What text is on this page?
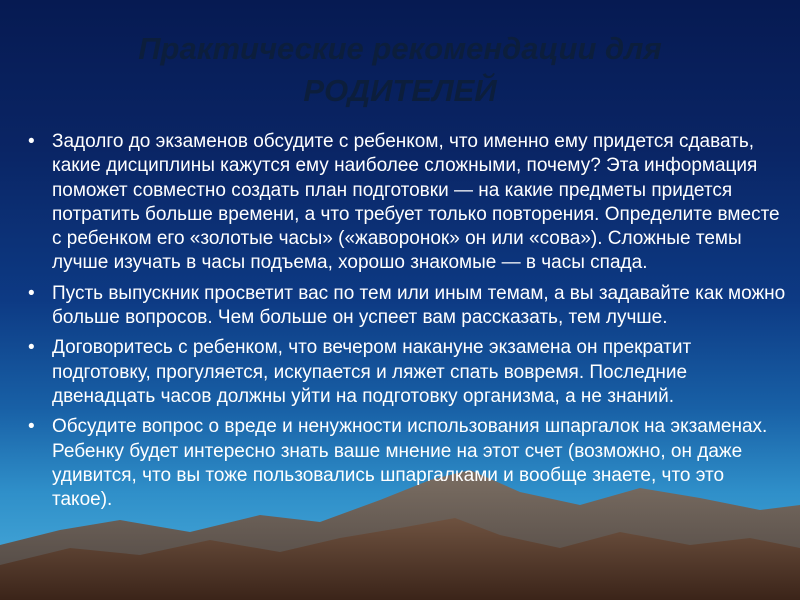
Практические рекомендации для
РОДИТЕЛЕЙ
• Задолго до экзаменов обсудите с ребенком, что именно ему придется сдавать, какие дисциплины кажутся ему наиболее сложными, почему? Эта информация поможет совместно создать план подготовки — на какие предметы придется потратить больше времени, а что требует только повторения. Определите вместе с ребенком его «золотые часы» («жаворонок» он или «сова»). Сложные темы лучше изучать в часы подъема, хорошо знакомые — в часы спада.
• Пусть выпускник просветит вас по тем или иным темам, а вы задавайте как можно больше вопросов. Чем больше он успеет вам рассказать, тем лучше.
• Договоритесь с ребенком, что вечером накануне экзамена он прекратит подготовку, прогуляется, искупается и ляжет спать вовремя. Последние двенадцать часов должны уйти на подготовку организма, а не знаний.
• Обсудите вопрос о вреде и ненужности использования шпаргалок на экзаменах. Ребенку будет интересно знать ваше мнение на этот счет (возможно, он даже удивится, что вы тоже пользовались шпаргалками и вообще знаете, что это такое).
